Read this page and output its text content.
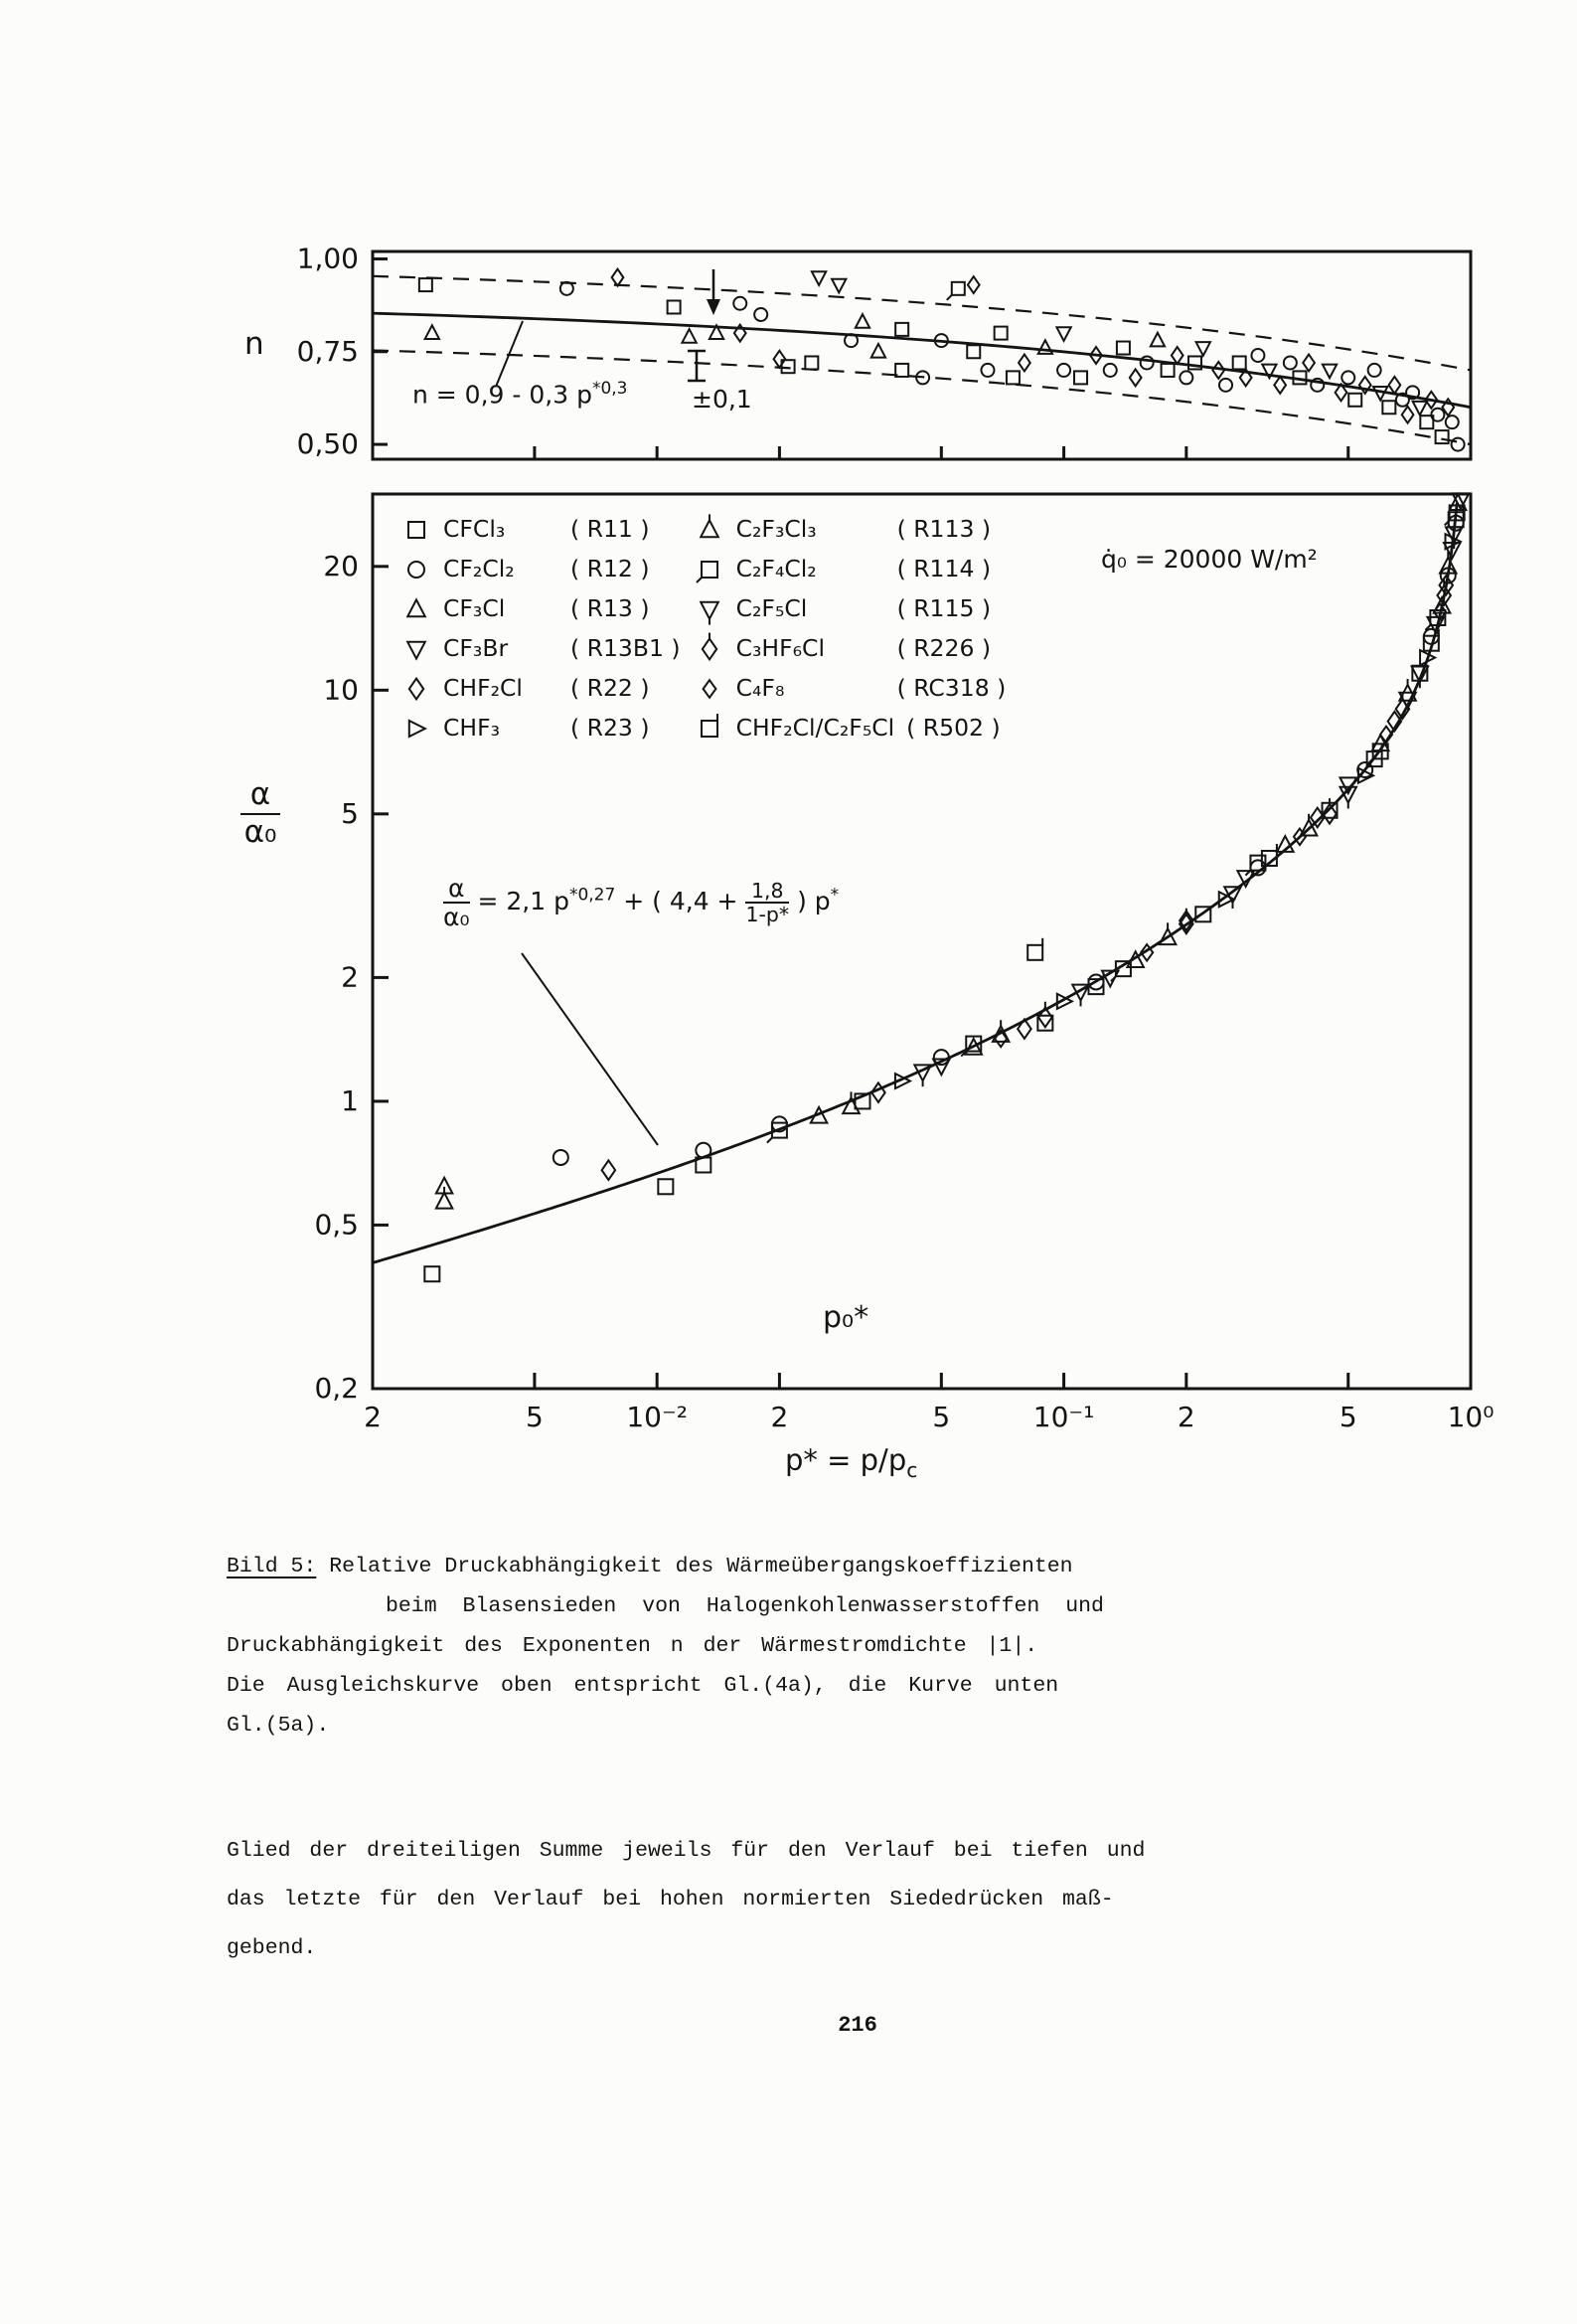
n
1,00
0,75
0,50
n = 0,9 - 0,3 $p^{*0,3}$	±0,1
α
α₀
20
10
5
2
1
0,5
0,2
2	5	10⁻²	2	5	10⁻¹	2	5	10⁰
CFCl₃	( R11 )
CF₂Cl₂	( R12 )
CF₃Cl	( R13 )
CF₃Br	( R13B1 )
CHF₂Cl	( R22 )
CHF₃	( R23 )
C₂F₃Cl₃	( R113 )
C₂F₄Cl₂	( R114 )
C₂F₅Cl	( R115 )
C₃HF₆Cl	( R226 )
C₄F₈	( RC318 )
CHF₂Cl/C₂F₅Cl ( R502 )
q̇₀ = 20000 W/m²
$\frac{\alpha}{\text{α₀}} = 2,1$ $p^{*0,27}$ + ( $4,4 + \frac{1,8}{1-p*}$ ) p*
p₀*
$p* = p/p_c$
Bild 5: Relative Druckabhängigkeit des Wärmeübergangskoeffizienten
beim Blasensieden von Halogenkohlenwasserstoffen und
Druckabhängigkeit des Exponenten n der Wärmestromdichte |1|.
Die Ausgleichskurve oben entspricht Gl.(4a), die Kurve unten
Gl.(5a).
Glied der dreiteiligen Summe jeweils für den Verlauf bei tiefen und
das letzte für den Verlauf bei hohen normierten Siededrücken maß-
gebend.
216
